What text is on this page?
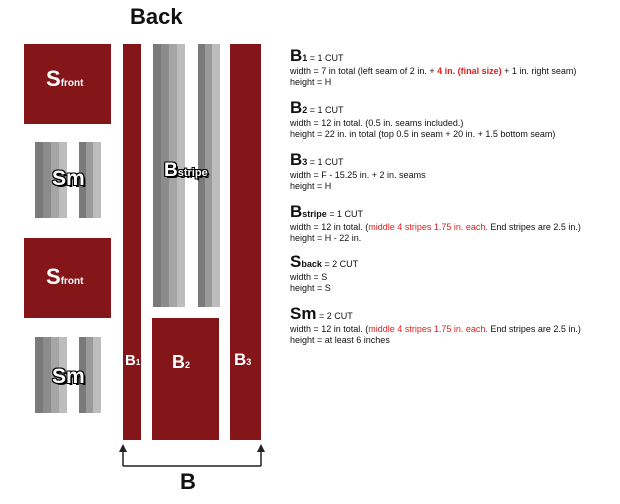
Back
Sfront
Sm
Sfront
Sm
B1
Bstripe
B2	B3
B
B1 = 1 CUT
width = 7 in total (left seam of 2 in. + 4 in. (final size) + 1 in. right seam)
height = H
B2 = 1 CUT
width = 12 in total. (0.5 in. seams included.)
height = 22 in. in total (top 0.5 in seam + 20 in. + 1.5 bottom seam)
B3 = 1 CUT
width = F - 15.25 in. + 2 in. seams
height = H
Bstripe = 1 CUT
width = 12 in total. (middle 4 stripes 1.75 in. each. End stripes are 2.5 in.)
height = H - 22 in.
Sback = 2 CUT
width = S
height = S
Sm = 2 CUT
width = 12 in total. (middle 4 stripes 1.75 in. each. End stripes are 2.5 in.)
height = at least 6 inches
